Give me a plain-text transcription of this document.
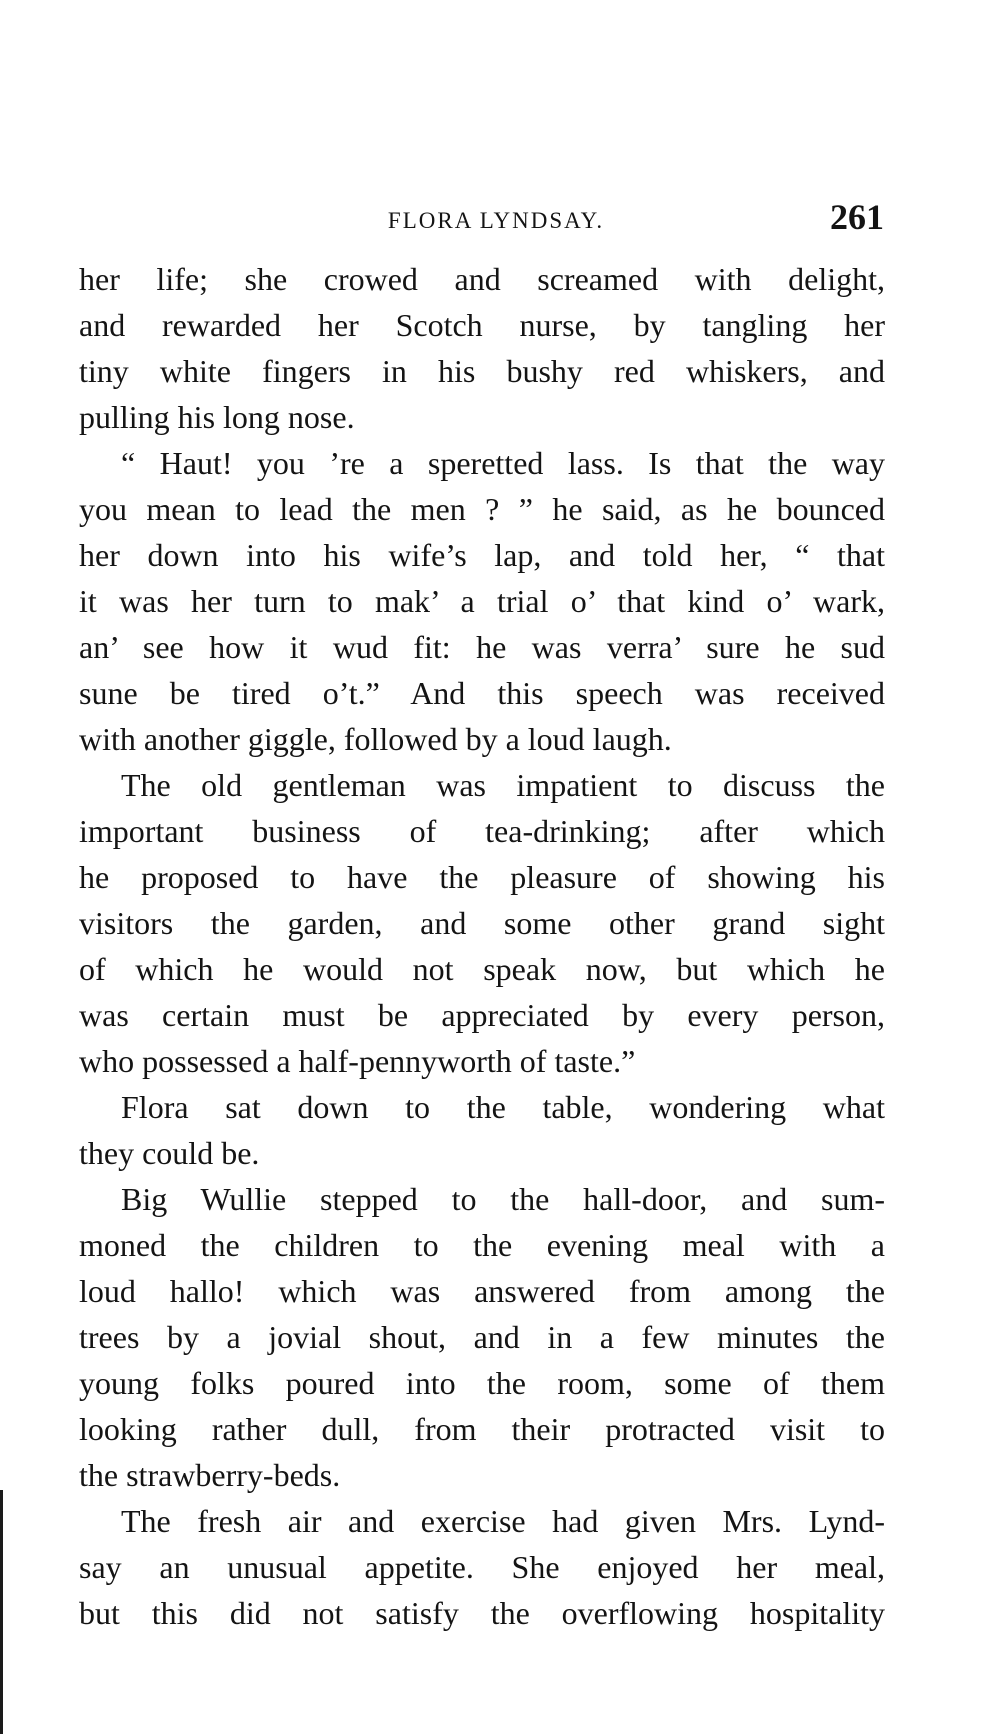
FLORA LYNDSAY.	261
her life; she crowed and screamed with delight,
and rewarded her Scotch nurse, by tangling her
tiny white fingers in his bushy red whiskers, and
pulling his long nose.
“ Haut! you ’re a speretted lass. Is that the way
you mean to lead the men ? ” he said, as he bounced
her down into his wife’s lap, and told her, “ that
it was her turn to mak’ a trial o’ that kind o’ wark,
an’ see how it wud fit: he was verra’ sure he sud
sune be tired o’t.” And this speech was received
with another giggle, followed by a loud laugh.
The old gentleman was impatient to discuss the
important business of tea-drinking; after which
he proposed to have the pleasure of showing his
visitors the garden, and some other grand sight
of which he would not speak now, but which he
was certain must be appreciated by every person,
who possessed a half-pennyworth of taste.”
Flora sat down to the table, wondering what
they could be.
Big Wullie stepped to the hall-door, and sum-
moned the children to the evening meal with a
loud hallo! which was answered from among the
trees by a jovial shout, and in a few minutes the
young folks poured into the room, some of them
looking rather dull, from their protracted visit to
the strawberry-beds.
The fresh air and exercise had given Mrs. Lynd-
say an unusual appetite. She enjoyed her meal,
but this did not satisfy the overflowing hospitality
